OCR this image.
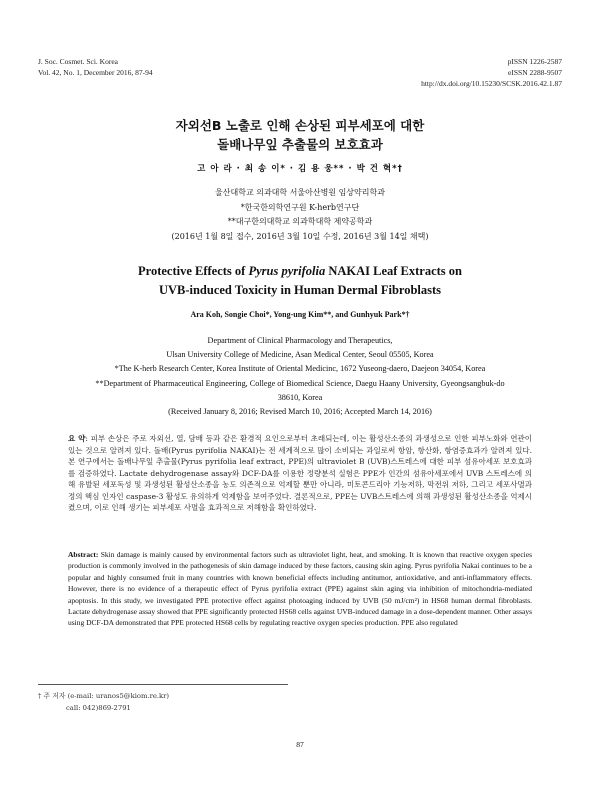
J. Soc. Cosmet. Sci. Korea
Vol. 42, No. 1, December 2016, 87-94
pISSN 1226-2587
eISSN 2288-9507
http://dx.doi.org/10.15230/SCSK.2016.42.1.87
자외선B 노출로 인해 손상된 피부세포에 대한
돌배나무잎 추출물의 보호효과
고 아 라 · 최 송 이* · 김 용 웅** · 박 건 혁*†
울산대학교 의과대학 서울아산병원 임상약리학과
*한국한의학연구원 K-herb연구단
**대구한의대학교 의과학대학 제약공학과
(2016년 1월 8일 접수, 2016년 3월 10일 수정, 2016년 3월 14일 채택)
Protective Effects of Pyrus pyrifolia NAKAI Leaf Extracts on
UVB-induced Toxicity in Human Dermal Fibroblasts
Ara Koh, Songie Choi*, Yong-ung Kim**, and Gunhyuk Park*†
Department of Clinical Pharmacology and Therapeutics,
Ulsan University College of Medicine, Asan Medical Center, Seoul 05505, Korea
*The K-herb Research Center, Korea Institute of Oriental Medicinc, 1672 Yuseong-daero, Daejeon 34054, Korea
**Department of Pharmaceutical Engineering, College of Biomedical Science, Daegu Haany University, Gyeongsangbuk-do
38610, Korea
(Received January 8, 2016; Revised March 10, 2016; Accepted March 14, 2016)
요 약: 피부 손상은 주로 자외선, 열, 담배 등과 같은 환경적 요인으로부터 초래되는데, 이는 활성산소종의 과생성으로 인한 피부노화와 연관이 있는 것으로 알려져 있다. 돌배(Pyrus pyrifolia NAKAI)는 전 세계적으로 많이 소비되는 과일로써 항암, 항산화, 항염증효과가 알려져 있다. 본 연구에서는 돌배나무잎 추출물(Pyrus pyrifolia leaf extract, PPE)의 ultraviolet B (UVB)스트레스에 대한 피부 섬유아세포 보호효과를 검증하였다. Lactate dehydrogenase assay와 DCF-DA를 이용한 정량분석 실험은 PPE가 인간의 섬유아세포에서 UVB 스트레스에 의해 유발된 세포독성 및 과생성된 활성산소종을 농도 의존적으로 억제할 뿐만 아니라, 미토콘드리아 기능저하, 막전위 저하, 그리고 세포사멸과정의 핵심 인자인 caspase-3 활성도 유의하게 억제함을 보여주었다. 결론적으로, PPE는 UVB스트레스에 의해 과생성된 활성산소종을 억제시켰으며, 이로 인해 생기는 피부세포 사멸을 효과적으로 저해함을 확인하였다.
Abstract: Skin damage is mainly caused by environmental factors such as ultraviolet light, heat, and smoking. It is known that reactive oxygen species production is commonly involved in the pathogenesis of skin damage induced by these factors, causing skin aging. Pyrus pyrifolia Nakai continues to be a popular and highly consumed fruit in many countries with known beneficial effects including antitumor, antioxidative, and anti-inflammatory effects. However, there is no evidence of a therapeutic effect of Pyrus pyrifolia extract (PPE) against skin aging via inhibition of mitochondria-mediated apoptosis. In this study, we investigated PPE protective effect against photoaging induced by UVB (50 mJ/cm²) in HS68 human dermal fibroblasts. Lactate dehydrogenase assay showed that PPE significantly protected HS68 cells against UVB-induced damage in a dose-dependent manner. Other assays using DCF-DA demonstrated that PPE protected HS68 cells by regulating reactive oxygen species production. PPE also regulated
† 주 저자 (e-mail: uranos5@kiom.re.kr)
call: 042)869-2791
87
